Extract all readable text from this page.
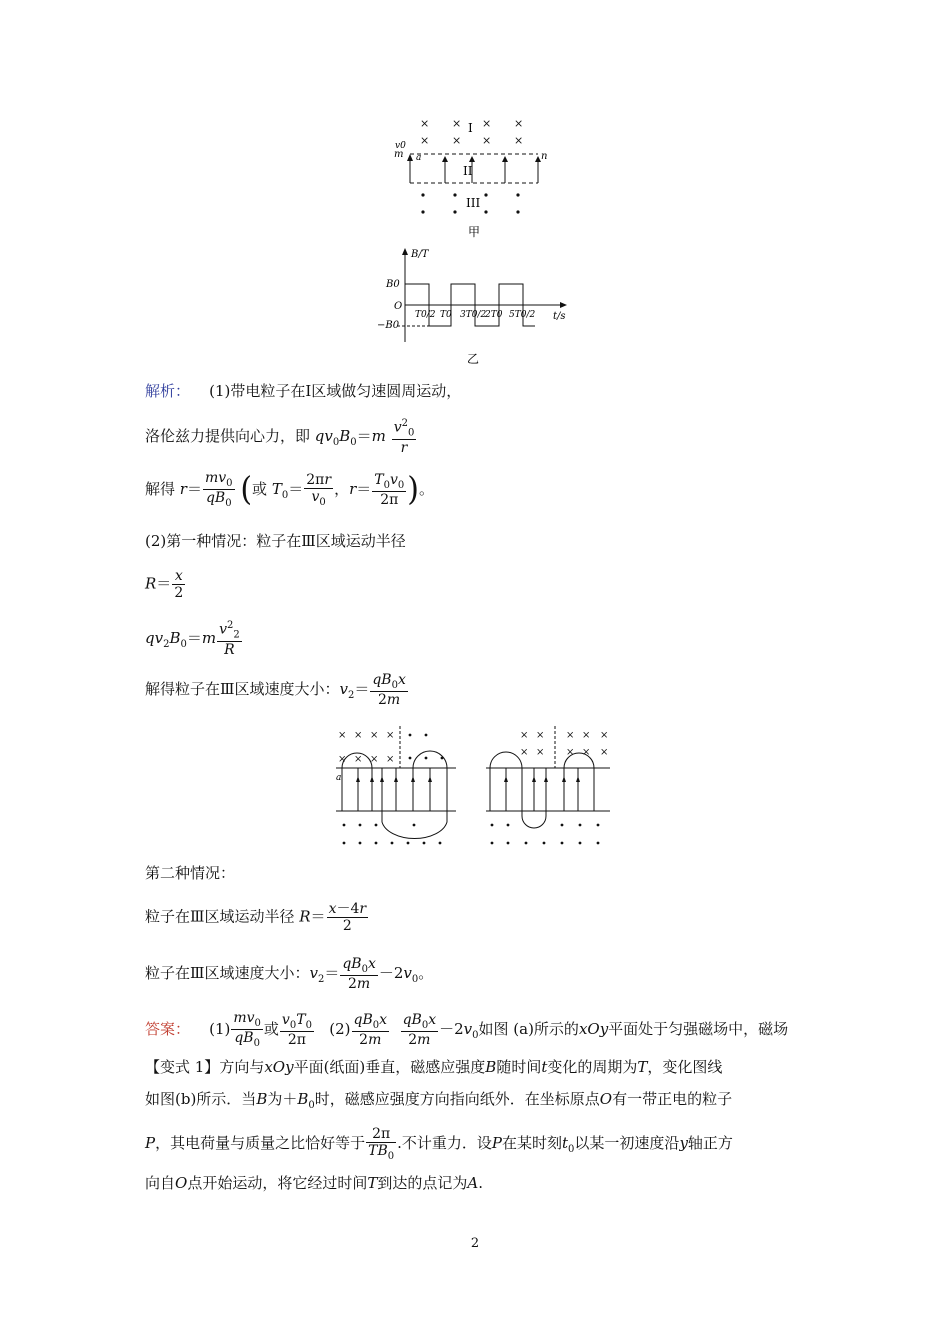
× × × ×
× × × ×
I
II
m
v0
a	n
III
甲
B/T
t/s
O
B0
−B0
T0/2 T0 3T0/2
2T0 5T0/2
乙
解析： (1)带电粒子在Ⅰ区域做匀速圆周运动，
洛伦兹力提供向心力，即 $qv_0B_0=m \frac{v^2_0}{r}$
解得 $r= \frac{mv_0}{qB_0}$ (或 $T_0= \frac{2\pi r}{v_0}$ ，$r= \frac{T_0v_0}{2\pi}$ )。
(2)第一种情况：粒子在Ⅲ区域运动半径
$R= \frac{x}{2}$
$qv_2B_0=m \frac{v^2_2}{R}$
解得粒子在Ⅲ区域速度大小：$v_2= \frac{qB_0x}{2m}$
× × × ×
× × × ×
a
× × × × ×
× × × × ×
第二种情况：
粒子在Ⅲ区域运动半径 $R= \frac{x-4r}{2}$
粒子在Ⅲ区域速度大小：$v_2= \frac{qB_0x}{2m} -2v_0$。
答案：    $(1) \frac{mv_0}{qB_0}$ 或 $\frac{v_0T_0}{2\pi} (2) \frac{qB_0x}{2m}$
$\frac{qB_0x}{2m} -2v_0$如图 (a)所示的xOy平面处于匀强磁场中，磁场
【变式 1】方向与xOy平面(纸面)垂直，磁感应强度B随时间t变化的周期为T，变化图线
如图(b)所示．当B为$+B_0$时，磁感应强度方向指向纸外．在坐标原点O有一带正电的粒子
P，其电荷量与质量之比恰好等于 $\frac{2\pi}{TB_0}$ .不计重力．设P在某时刻$t_0$以某一初速度沿y轴正方
向自O点开始运动，将它经过时间T到达的点记为A.
2
